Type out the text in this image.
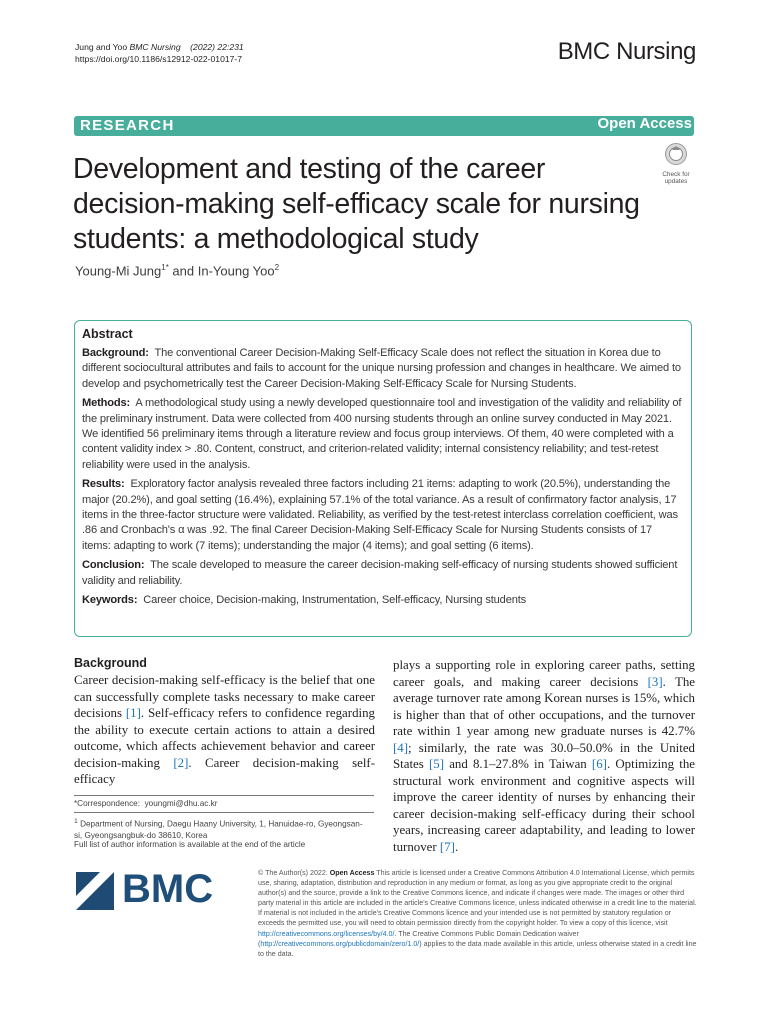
Jung and Yoo BMC Nursing (2022) 22:231
https://doi.org/10.1186/s12912-022-01017-7	BMC Nursing
RESEARCH	Open Access
Check for
updates
Development and testing of the career decision-making self-efficacy scale for nursing students: a methodological study
Young-Mi Jung$^{1*}$ and In-Young Yoo$^2$
Abstract

Background: The conventional Career Decision-Making Self-Efficacy Scale does not reflect the situation in Korea due to different sociocultural attributes and fails to account for the unique nursing profession and changes in healthcare. We aimed to develop and psychometrically test the Career Decision-Making Self-Efficacy Scale for Nursing Students.

Methods: A methodological study using a newly developed questionnaire tool and investigation of the validity and reliability of the preliminary instrument. Data were collected from 400 nursing students through an online survey conducted in May 2021. We identified 56 preliminary items through a literature review and focus group interviews. Of them, 40 were completed with a content validity index > .80. Content, construct, and criterion-related validity; internal consistency reliability; and test-retest reliability were used in the analysis.

Results: Exploratory factor analysis revealed three factors including 21 items: adapting to work (20.5%), understanding the major (20.2%), and goal setting (16.4%), explaining 57.1% of the total variance. As a result of confirmatory factor analysis, 17 items in the three-factor structure were validated. Reliability, as verified by the test-retest interclass correlation coefficient, was .86 and Cronbach's α was .92. The final Career Decision-Making Self-Efficacy Scale for Nursing Students consists of 17 items: adapting to work (7 items); understanding the major (4 items); and goal setting (6 items).

Conclusion: The scale developed to measure the career decision-making self-efficacy of nursing students showed sufficient validity and reliability.

Keywords: Career choice, Decision-making, Instrumentation, Self-efficacy, Nursing students

Background
Career decision-making self-efficacy is the belief that one can successfully complete tasks necessary to make career decisions [1]. Self-efficacy refers to confidence regarding the ability to execute certain actions to attain a desired outcome, which affects achievement behavior and career decision-making [2]. Career decision-making self-efficacy
plays a supporting role in exploring career paths, setting career goals, and making career decisions [3]. The average turnover rate among Korean nurses is 15%, which is higher than that of other occupations, and the turnover rate within 1 year among new graduate nurses is 42.7% [4]; similarly, the rate was 30.0–50.0% in the United States [5] and 8.1–27.8% in Taiwan [6]. Optimizing the structural work environment and cognitive aspects will improve the career identity of nurses by enhancing their career decision-making self-efficacy during their school years, increasing career adaptability, and leading to lower turnover [7].
*Correspondence: youngmi@dhu.ac.kr
$^1$ Department of Nursing, Daegu Haany University, 1, Hanuidae-ro, Gyeongsan-si, Gyeongsangbuk-do 38610, Korea
Full list of author information is available at the end of the article
BMC	© The Author(s) 2022. Open Access This article is licensed under a Creative Commons Attribution 4.0 International License, which permits use, sharing, adaptation, distribution and reproduction in any medium or format, as long as you give appropriate credit to the original author(s) and the source, provide a link to the Creative Commons licence, and indicate if changes were made. The images or other third party material in this article are included in the article's Creative Commons licence, unless indicated otherwise in a credit line to the material. If material is not included in the article's Creative Commons licence and your intended use is not permitted by statutory regulation or exceeds the permitted use, you will need to obtain permission directly from the copyright holder. To view a copy of this licence, visit http://creativecommons.org/licenses/by/4.0/. The Creative Commons Public Domain Dedication waiver (http://creativecommons.org/publicdomain/zero/1.0/) applies to the data made available in this article, unless otherwise stated in a credit line to the data.
